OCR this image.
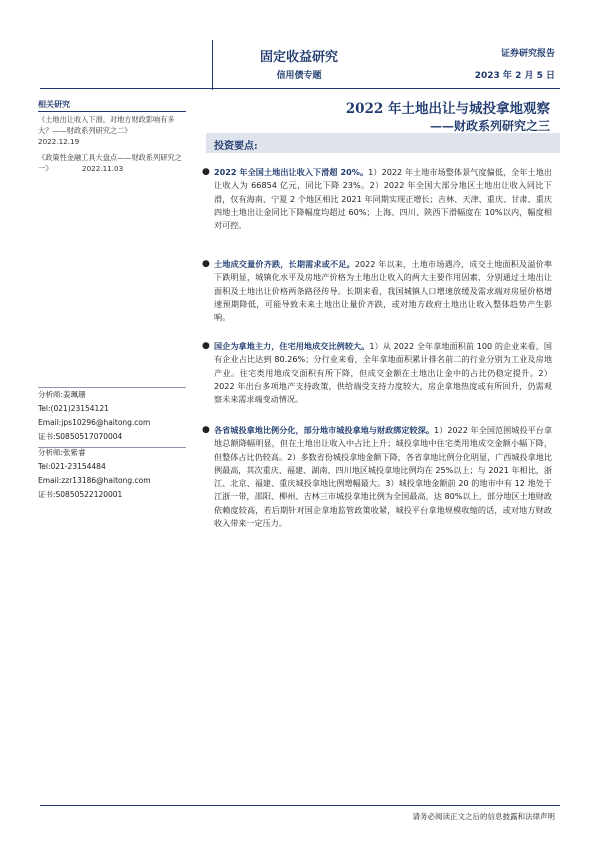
固定收益研究
信用债专题
证券研究报告
2023 年 2 月 5 日
2022 年土地出让与城投拿地观察
——财政系列研究之三
相关研究
《土地出让收入下滑，对地方财政影响有多大？——财政系列研究之二》
2022.12.19
《政策性金融工具大盘点——财政系列研究之一》	2022.11.03
分析师:姜珮珊
Tel:(021)23154121
Email:jps10296@haitong.com
证书:S0850517070004
分析师:张紫睿
Tel:021-23154484
Email:zzr13186@haitong.com
证书:S0850522120001
投资要点:
● 2022 年全国土地出让收入下滑超 20%。1）2022 年土地市场整体景气度偏低，全年土地出让收入为 66854 亿元，同比下降 23%。2）2022 年全国大部分地区土地出让收入同比下滑，仅有海南、宁夏 2 个地区相比 2021 年同期实现正增长；吉林、天津、重庆、甘肃、重庆四地土地出让金同比下降幅度均超过 60%；上海、四川、陕西下滑幅度在 10%以内，幅度相对可控。
● 土地成交量价齐跌，长期需求或不足。2022 年以来，土地市场遇冷，成交土地面积及溢价率下跌明显，城镇化水平及房地产价格为土地出让收入的两大主要作用因素，分别通过土地出让面积及土地出让价格两条路径传导。长期来看，我国城镇人口增速放缓及需求端对房屋价格增速预期降低，可能导致未来土地出让量价齐跌，或对地方政府土地出让收入整体趋势产生影响。
● 国企为拿地主力，住宅用地成交比例较大。1）从 2022 全年拿地面积前 100 的企业来看，国有企业占比达到 80.26%；分行业来看，全年拿地面积累计排名前二的行业分别为工业及房地产业。住宅类用地成交面积有所下降，但成交金额在土地出让金中的占比仍稳定提升。2）2022 年出台多项地产支持政策，供给端受支持力度较大，房企拿地热度或有所回升，仍需观察未来需求端变动情况。
● 各省城投拿地比例分化，部分地市城投拿地与财政绑定较深。1）2022 年全国范围城投平台拿地总额降幅明显，但在土地出让收入中占比上升；城投拿地中住宅类用地成交金额小幅下降，但整体占比仍较高。2）多数省份城投拿地金额下降，各省拿地比例分化明显，广西城投拿地比例最高，其次重庆、福建、湖南、四川地区城投拿地比例均在 25%以上；与 2021 年相比，浙江、北京、福建、重庆城投拿地比例增幅最大。3）城投拿地金额前 20 的地市中有 12 地处于江浙一带，邵阳、柳州、吉林三市城投拿地比例为全国最高，达 80%以上，部分地区土地财政依赖度较高，若后期针对国企拿地监管政策收紧，城投平台拿地规模收缩的话，或对地方财政收入带来一定压力。
请务必阅读正文之后的信息披露和法律声明
